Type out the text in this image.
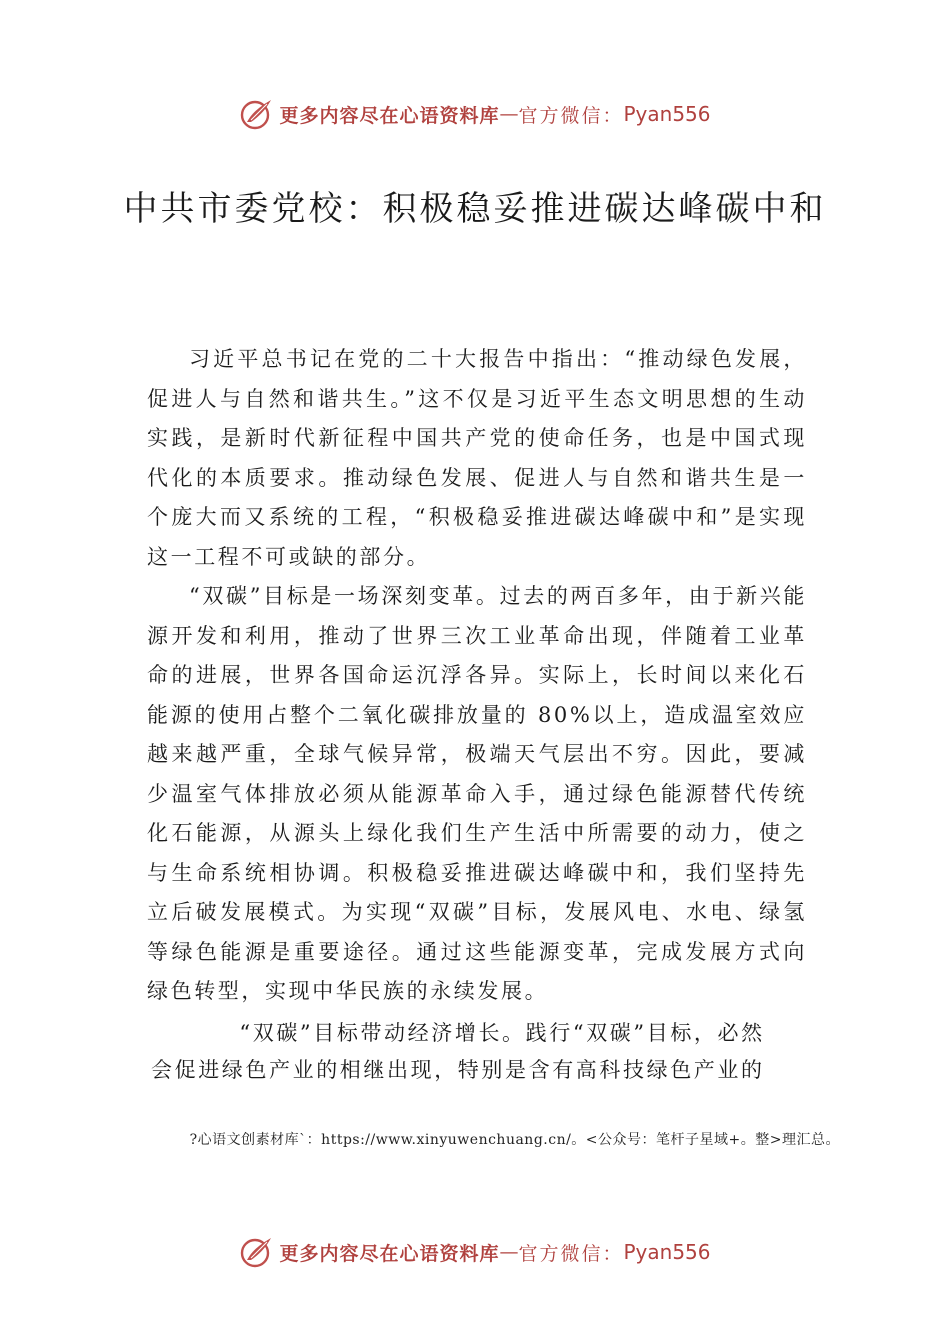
更多内容尽在心语资料库 — 官方微信： Pyan556
中共市委党校：积极稳妥推进碳达峰碳中和

习近平总书记在党的二十大报告中指出：“推动绿色发展，促进人与自然和谐共生。”这不仅是习近平生态文明思想的生动实践，是新时代新征程中国共产党的使命任务，也是中国式现代化的本质要求。推动绿色发展、促进人与自然和谐共生是一个庞大而又系统的工程，“积极稳妥推进碳达峰碳中和”是实现这一工程不可或缺的部分。

“双碳”目标是一场深刻变革。过去的两百多年，由于新兴能源开发和利用，推动了世界三次工业革命出现，伴随着工业革命的进展，世界各国命运沉浮各异。实际上，长时间以来化石能源的使用占整个二氧化碳排放量的 80%以上，造成温室效应越来越严重，全球气候异常，极端天气层出不穷。因此，要减少温室气体排放必须从能源革命入手，通过绿色能源替代传统化石能源，从源头上绿化我们生产生活中所需要的动力，使之与生命系统相协调。积极稳妥推进碳达峰碳中和，我们坚持先立后破发展模式。为实现“双碳”目标，发展风电、水电、绿氢等绿色能源是重要途径。通过这些能源变革，完成发展方式向绿色转型，实现中华民族的永续发展。

“双碳”目标带动经济增长。践行“双碳”目标，必然

会促进绿色产业的相继出现，特别是含有高科技绿色产业的

?心语文创素材库`：https://www.xinyuwenchuang.cn/。<公众号：笔杆子星域+。整>理汇总。
更多内容尽在心语资料库 — 官方微信： Pyan556
